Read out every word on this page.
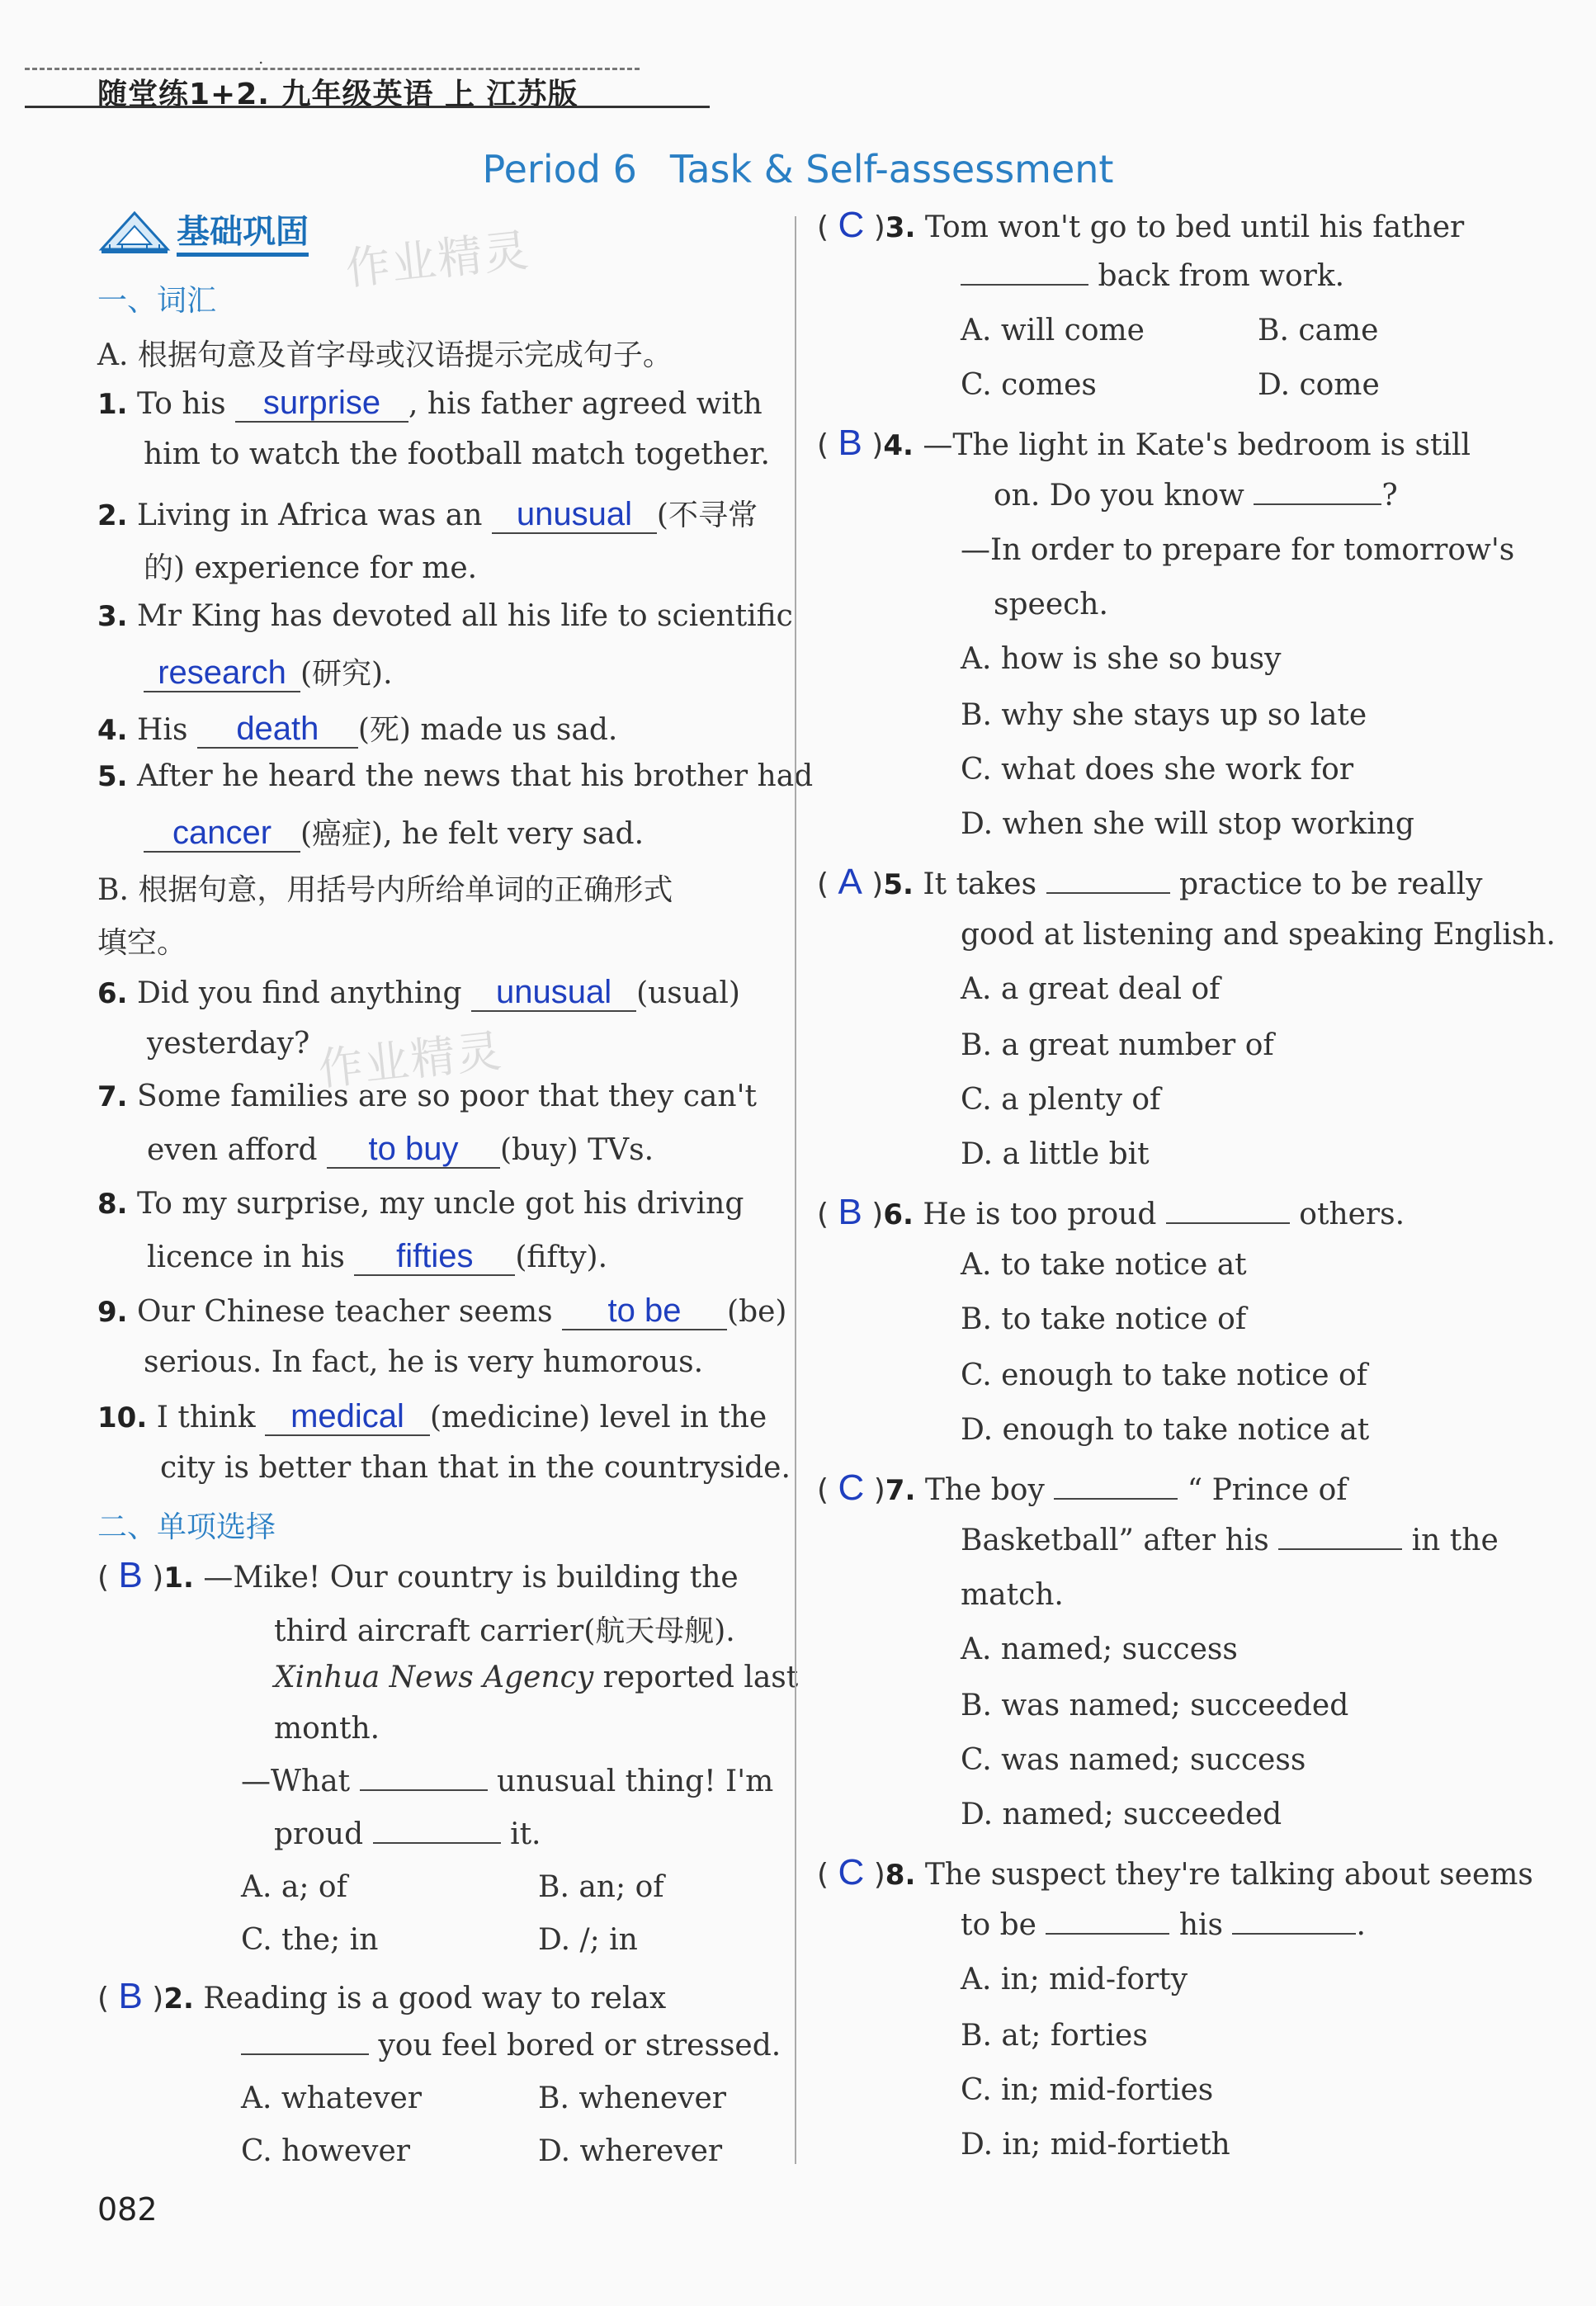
.
随堂练1+2. 九年级英语 上 江苏版
Period 6 Task & Self-assessment
基础巩固 作业精灵
作业精灵
一、词汇
A. 根据句意及首字母或汉语提示完成句子。
1. To his surprise , his father agreed with
him to watch the football match together.
2. Living in Africa was an unusual (不寻常
的) experience for me.
3. Mr King has devoted all his life to scientific
research (研究).
4. His death (死) made us sad.
5. After he heard the news that his brother had
cancer (癌症), he felt very sad.
B. 根据句意，用括号内所给单词的正确形式
填空。
6. Did you find anything unusual (usual)
yesterday?
7. Some families are so poor that they can't
even afford to buy (buy) TVs.
8. To my surprise, my uncle got his driving
licence in his fifties (fifty).
9. Our Chinese teacher seems to be (be)
serious. In fact, he is very humorous.
10. I think medical (medicine) level in the
city is better than that in the countryside.
二、单项选择
( B )1. —Mike! Our country is building the
third aircraft carrier(航天母舰).
Xinhua News Agency reported last
month.
—What	unusual thing! I'm
proud	it.
A. a; of	B. an; of
C. the; in	D. /; in
( B )2. Reading is a good way to relax
you feel bored or stressed.
A. whatever	B. whenever
C. however	D. wherever
( C )3. Tom won't go to bed until his father
back from work.
A. will come	B. came
C. comes	D. come
( B )4. —The light in Kate's bedroom is still
on. Do you know	?
—In order to prepare for tomorrow's
speech.
A. how is she so busy
B. why she stays up so late
C. what does she work for
D. when she will stop working
( A )5. It takes	practice to be really
good at listening and speaking English.
A. a great deal of
B. a great number of
C. a plenty of
D. a little bit
( B )6. He is too proud	others.
A. to take notice at
B. to take notice of
C. enough to take notice of
D. enough to take notice at
( C )7. The boy	“ Prince of
Basketball” after his	in the
match.
A. named; success
B. was named; succeeded
C. was named; success
D. named; succeeded
( C )8. The suspect they're talking about seems
to be	his	.
A. in; mid-forty
B. at; forties
C. in; mid-forties
D. in; mid-fortieth
082
